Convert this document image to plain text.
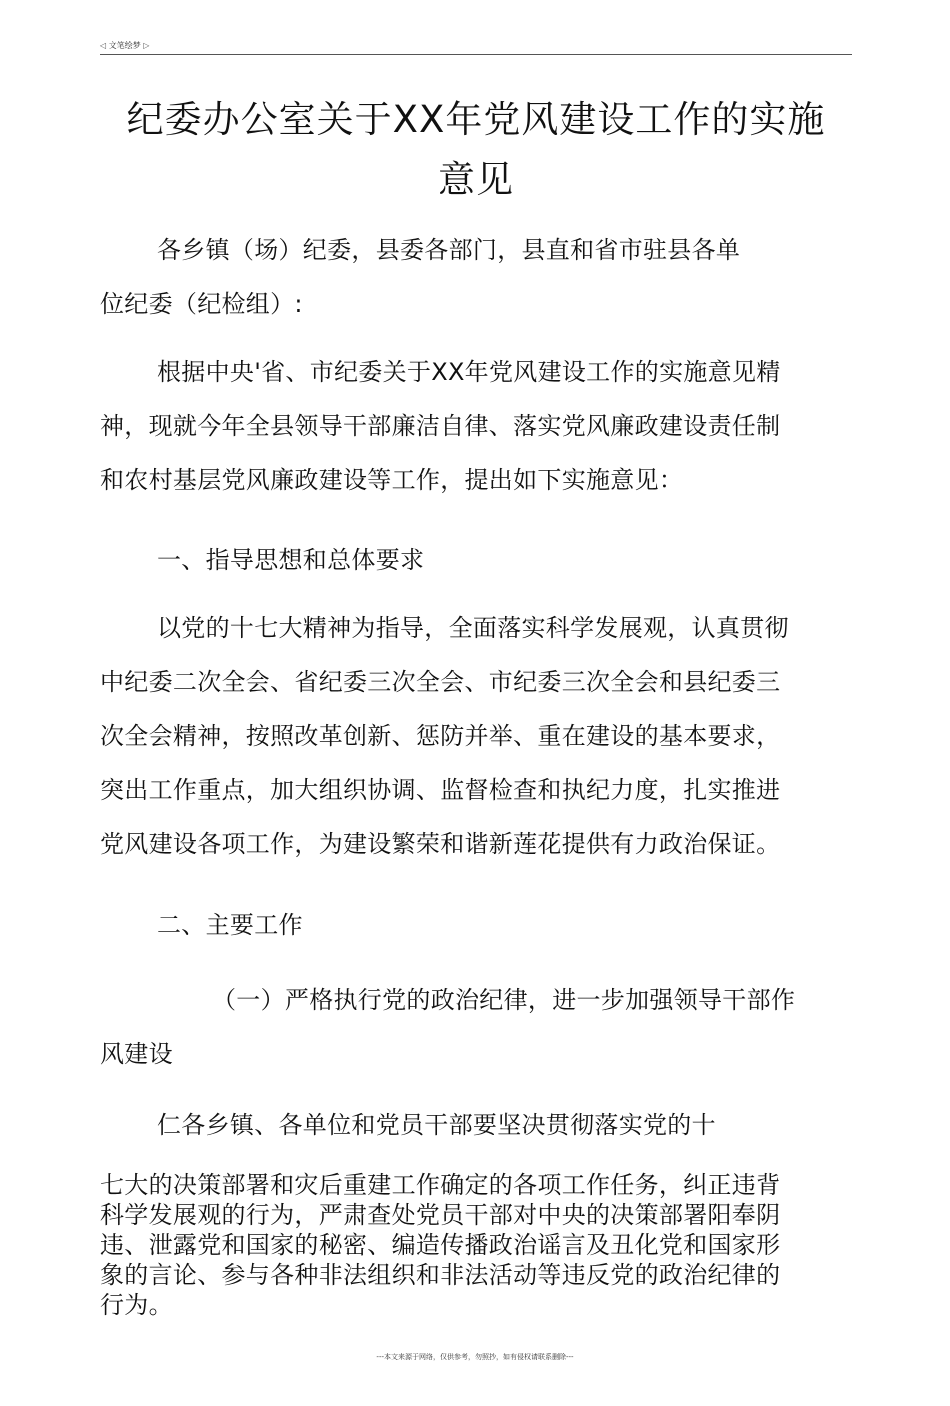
◁ 文笔绘梦 ▷
纪委办公室关于XX年党风建设工作的实施
意见
各乡镇（场）纪委，县委各部门，县直和省市驻县各单
位纪委（纪检组）:
根据中央'省、市纪委关于XX年党风建设工作的实施意见精
神，现就今年全县领导干部廉洁自律、落实党风廉政建设责任制
和农村基层党风廉政建设等工作，提出如下实施意见：
一、指导思想和总体要求
以党的十七大精神为指导，全面落实科学发展观，认真贯彻
中纪委二次全会、省纪委三次全会、市纪委三次全会和县纪委三
次全会精神，按照改革创新、惩防并举、重在建设的基本要求，
突出工作重点，加大组织协调、监督检查和执纪力度，扎实推进
党风建设各项工作，为建设繁荣和谐新莲花提供有力政治保证。
二、主要工作
（一）严格执行党的政治纪律，进一步加强领导干部作
风建设
仁各乡镇、各单位和党员干部要坚决贯彻落实党的十
七大的决策部署和灾后重建工作确定的各项工作任务，纠正违背
科学发展观的行为，严肃查处党员干部对中央的决策部署阳奉阴
违、泄露党和国家的秘密、编造传播政治谣言及丑化党和国家形
象的言论、参与各种非法组织和非法活动等违反党的政治纪律的
行为。
---本文来源于网络，仅供参考，勿照抄，如有侵权请联系删除---
